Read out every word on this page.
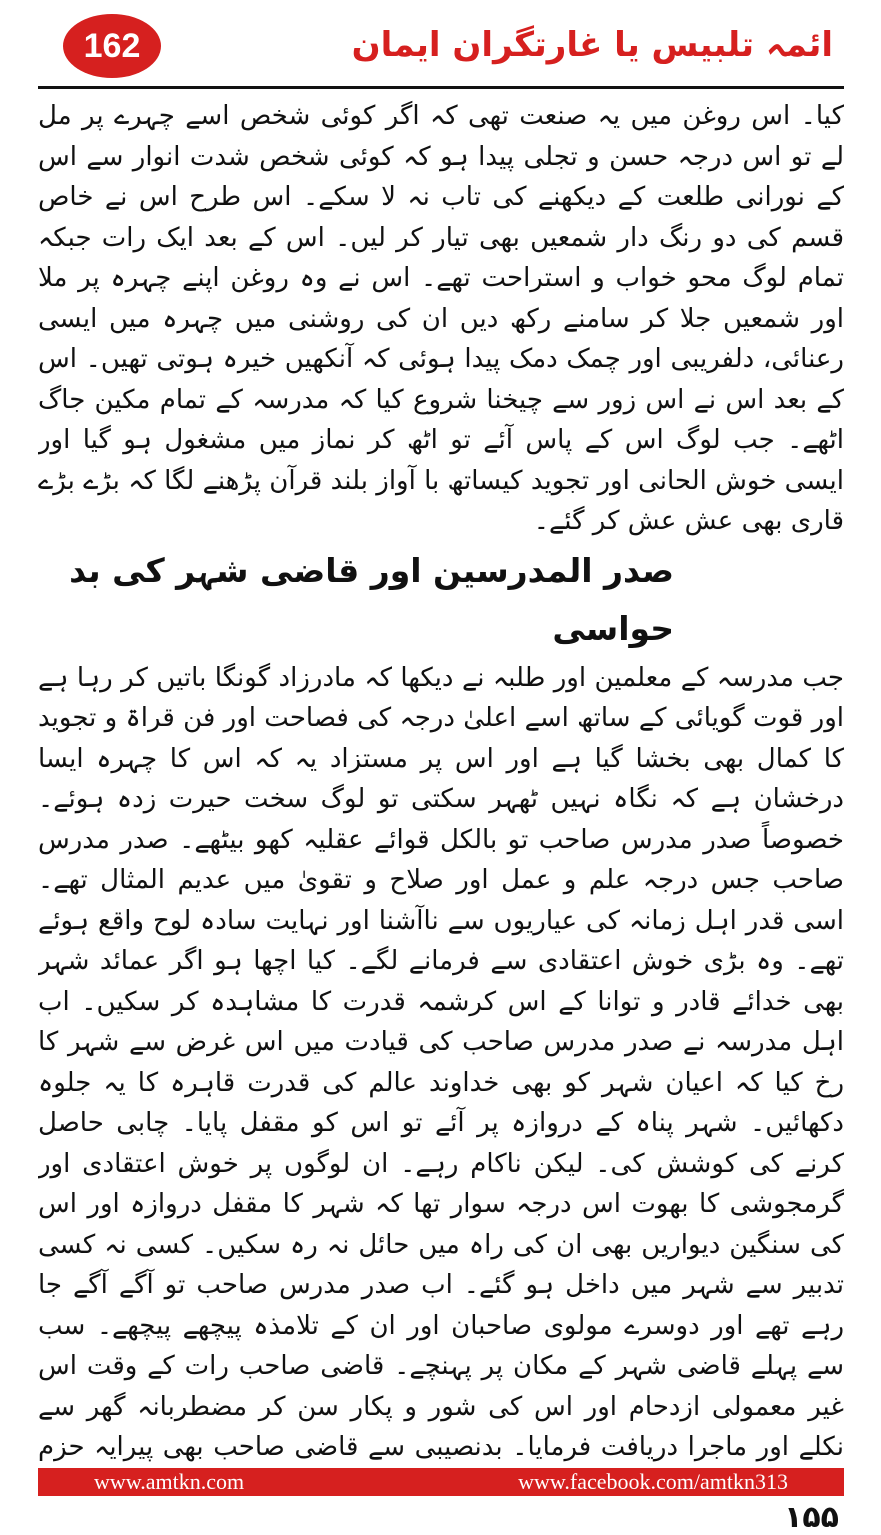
162	ائمہ تلبیس یا غارتگران ایمان

کیا۔ اس روغن میں یہ صنعت تھی کہ اگر کوئی شخص اسے چہرے پر مل لے تو اس درجہ حسن و تجلی پیدا ہو کہ کوئی شخص شدت انوار سے اس کے نورانی طلعت کے دیکھنے کی تاب نہ لا سکے۔ اس طرح اس نے خاص قسم کی دو رنگ دار شمعیں بھی تیار کر لیں۔ اس کے بعد ایک رات جبکہ تمام لوگ محو خواب و استراحت تھے۔ اس نے وہ روغن اپنے چہرہ پر ملا اور شمعیں جلا کر سامنے رکھ دیں ان کی روشنی میں چہرہ میں ایسی رعنائی، دلفریبی اور چمک دمک پیدا ہوئی کہ آنکھیں خیرہ ہوتی تھیں۔ اس کے بعد اس نے اس زور سے چیخنا شروع کیا کہ مدرسہ کے تمام مکین جاگ اٹھے۔ جب لوگ اس کے پاس آئے تو اٹھ کر نماز میں مشغول ہو گیا اور ایسی خوش الحانی اور تجوید کیساتھ با آواز بلند قرآن پڑھنے لگا کہ بڑے بڑے قاری بھی عش عش کر گئے۔

صدر المدرسین اور قاضی شہر کی بد حواسی

جب مدرسہ کے معلمین اور طلبہ نے دیکھا کہ مادرزاد گونگا باتیں کر رہا ہے اور قوت گویائی کے ساتھ اسے اعلیٰ درجہ کی فصاحت اور فن قراۃ و تجوید کا کمال بھی بخشا گیا ہے اور اس پر مستزاد یہ کہ اس کا چہرہ ایسا درخشان ہے کہ نگاہ نہیں ٹھہر سکتی تو لوگ سخت حیرت زدہ ہوئے۔ خصوصاً صدر مدرس صاحب تو بالکل قوائے عقلیہ کھو بیٹھے۔ صدر مدرس صاحب جس درجہ علم و عمل اور صلاح و تقویٰ میں عدیم المثال تھے۔ اسی قدر اہل زمانہ کی عیاریوں سے ناآشنا اور نہایت سادہ لوح واقع ہوئے تھے۔ وہ بڑی خوش اعتقادی سے فرمانے لگے۔ کیا اچھا ہو اگر عمائد شہر بھی خدائے قادر و توانا کے اس کرشمہ قدرت کا مشاہدہ کر سکیں۔ اب اہل مدرسہ نے صدر مدرس صاحب کی قیادت میں اس غرض سے شہر کا رخ کیا کہ اعیان شہر کو بھی خداوند عالم کی قدرت قاہرہ کا یہ جلوہ دکھائیں۔ شہر پناہ کے دروازہ پر آئے تو اس کو مقفل پایا۔ چابی حاصل کرنے کی کوشش کی۔ لیکن ناکام رہے۔ ان لوگوں پر خوش اعتقادی اور گرمجوشی کا بھوت اس درجہ سوار تھا کہ شہر کا مقفل دروازہ اور اس کی سنگین دیواریں بھی ان کی راہ میں حائل نہ رہ سکیں۔ کسی نہ کسی تدبیر سے شہر میں داخل ہو گئے۔ اب صدر مدرس صاحب تو آگے آگے جا رہے تھے اور دوسرے مولوی صاحبان اور ان کے تلامذہ پیچھے پیچھے۔ سب سے پہلے قاضی شہر کے مکان پر پہنچے۔ قاضی صاحب رات کے وقت اس غیر معمولی ازدحام اور اس کی شور و پکار سن کر مضطربانہ گھر سے نکلے اور ماجرا دریافت فرمایا۔ بدنصیبی سے قاضی صاحب بھی پیرایہ حزم

www.amtkn.com	www.facebook.com/amtkn313
۱۵۵
